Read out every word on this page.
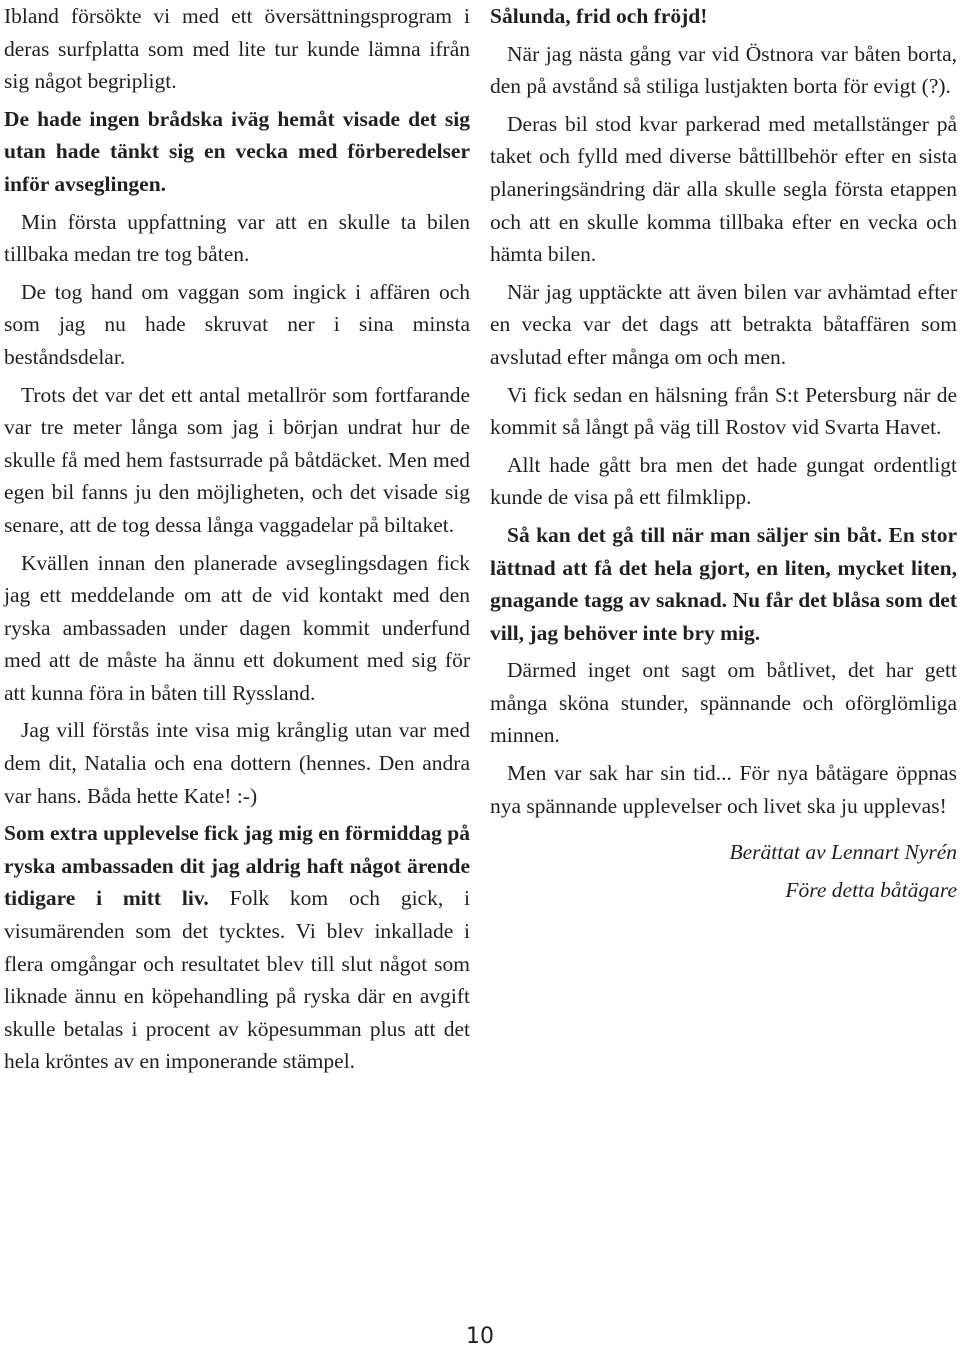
Ibland försökte vi med ett översättningsprogram i deras surfplatta som med lite tur kunde lämna ifrån sig något begripligt.

De hade ingen brådska iväg hemåt visade det sig utan hade tänkt sig en vecka med förberedelser inför avseglingen.

Min första uppfattning var att en skulle ta bilen tillbaka medan tre tog båten.

De tog hand om vaggan som ingick i affären och som jag nu hade skruvat ner i sina minsta beståndsdelar.

Trots det var det ett antal metallrör som fortfarande var tre meter långa som jag i början undrat hur de skulle få med hem fastsurrade på båtdäcket. Men med egen bil fanns ju den möjligheten, och det visade sig senare, att de tog dessa långa vaggadelar på biltaket.

Kvällen innan den planerade avseglingsdagen fick jag ett meddelande om att de vid kontakt med den ryska ambassaden under dagen kommit underfund med att de måste ha ännu ett dokument med sig för att kunna föra in båten till Ryssland.

Jag vill förstås inte visa mig krånglig utan var med dem dit, Natalia och ena dottern (hennes. Den andra var hans. Båda hette Kate! :-)

Som extra upplevelse fick jag mig en förmiddag på ryska ambassaden dit jag aldrig haft något ärende tidigare i mitt liv. Folk kom och gick, i visumärenden som det tycktes. Vi blev inkallade i flera omgångar och resultatet blev till slut något som liknade ännu en köpehandling på ryska där en avgift skulle betalas i procent av köpesumman plus att det hela kröntes av en imponerande stämpel.

Sålunda, frid och fröjd!

När jag nästa gång var vid Östnora var båten borta, den på avstånd så stiliga lustjakten borta för evigt (?).

Deras bil stod kvar parkerad med metallstänger på taket och fylld med diverse båttillbehör efter en sista planeringsändring där alla skulle segla första etappen och att en skulle komma tillbaka efter en vecka och hämta bilen.

När jag upptäckte att även bilen var avhämtad efter en vecka var det dags att betrakta båtaffären som avslutad efter många om och men.

Vi fick sedan en hälsning från S:t Petersburg när de kommit så långt på väg till Rostov vid Svarta Havet.

Allt hade gått bra men det hade gungat ordentligt kunde de visa på ett filmklipp.

Så kan det gå till när man säljer sin båt. En stor lättnad att få det hela gjort, en liten, mycket liten, gnagande tagg av saknad. Nu får det blåsa som det vill, jag behöver inte bry mig.

Därmed inget ont sagt om båtlivet, det har gett många sköna stunder, spännande och oförglömliga minnen.

Men var sak har sin tid... För nya båtägare öppnas nya spännande upplevelser och livet ska ju upplevas!

Berättat av Lennart Nyrén

Före detta båtägare

10
